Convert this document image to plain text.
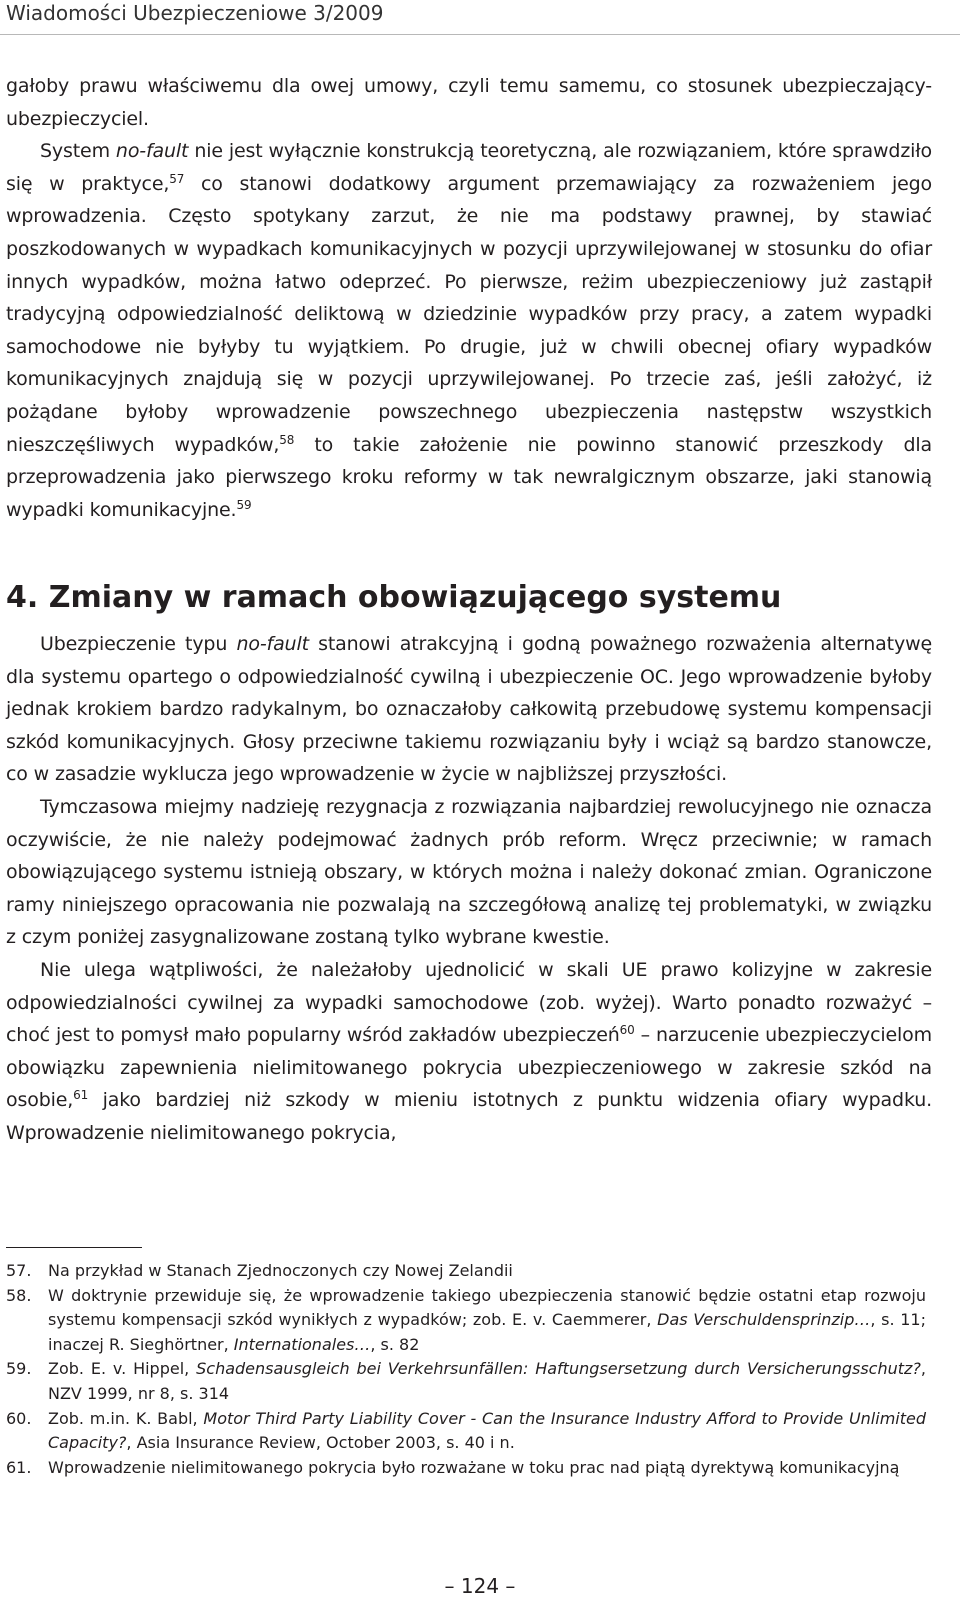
Wiadomości Ubezpieczeniowe 3/2009

gałoby prawu właściwemu dla owej umowy, czyli temu samemu, co stosunek ubezpieczający-ubezpieczyciel.

System no-fault nie jest wyłącznie konstrukcją teoretyczną, ale rozwiązaniem, które sprawdziło się w praktyce,$^{57}$ co stanowi dodatkowy argument przemawiający za rozważeniem jego wprowadzenia. Często spotykany zarzut, że nie ma podstawy prawnej, by stawiać poszkodowanych w wypadkach komunikacyjnych w pozycji uprzywilejowanej w stosunku do ofiar innych wypadków, można łatwo odeprzeć. Po pierwsze, reżim ubezpieczeniowy już zastąpił tradycyjną odpowiedzialność deliktową w dziedzinie wypadków przy pracy, a zatem wypadki samochodowe nie byłyby tu wyjątkiem. Po drugie, już w chwili obecnej ofiary wypadków komunikacyjnych znajdują się w pozycji uprzywilejowanej. Po trzecie zaś, jeśli założyć, iż pożądane byłoby wprowadzenie powszechnego ubezpieczenia następstw wszystkich nieszczęśliwych wypadków,$^{58}$ to takie założenie nie powinno stanowić przeszkody dla przeprowadzenia jako pierwszego kroku reformy w tak newralgicznym obszarze, jaki stanowią wypadki komunikacyjne.$^{59}$

4. Zmiany w ramach obowiązującego systemu

Ubezpieczenie typu no-fault stanowi atrakcyjną i godną poważnego rozważenia alternatywę dla systemu opartego o odpowiedzialność cywilną i ubezpieczenie OC. Jego wprowadzenie byłoby jednak krokiem bardzo radykalnym, bo oznaczałoby całkowitą przebudowę systemu kompensacji szkód komunikacyjnych. Głosy przeciwne takiemu rozwiązaniu były i wciąż są bardzo stanowcze, co w zasadzie wyklucza jego wprowadzenie w życie w najbliższej przyszłości.

Tymczasowa miejmy nadzieję rezygnacja z rozwiązania najbardziej rewolucyjnego nie oznacza oczywiście, że nie należy podejmować żadnych prób reform. Wręcz przeciwnie; w ramach obowiązującego systemu istnieją obszary, w których można i należy dokonać zmian. Ograniczone ramy niniejszego opracowania nie pozwalają na szczegółową analizę tej problematyki, w związku z czym poniżej zasygnalizowane zostaną tylko wybrane kwestie.

Nie ulega wątpliwości, że należałoby ujednolicić w skali UE prawo kolizyjne w zakresie odpowiedzialności cywilnej za wypadki samochodowe (zob. wyżej). Warto ponadto rozważyć – choć jest to pomysł mało popularny wśród zakładów ubezpieczeń$^{60}$ – narzucenie ubezpieczycielom obowiązku zapewnienia nielimitowanego pokrycia ubezpieczeniowego w zakresie szkód na osobie,$^{61}$ jako bardziej niż szkody w mieniu istotnych z punktu widzenia ofiary wypadku. Wprowadzenie nielimitowanego pokrycia,

57.	Na przykład w Stanach Zjednoczonych czy Nowej Zelandii
58.	W doktrynie przewiduje się, że wprowadzenie takiego ubezpieczenia stanowić będzie ostatni etap rozwoju systemu kompensacji szkód wynikłych z wypadków; zob. E. v. Caemmerer, Das Verschuldensprinzip…, s. 11; inaczej R. Sieghörtner, Internationales…, s. 82
59.	Zob. E. v. Hippel, Schadensausgleich bei Verkehrsunfällen: Haftungsersetzung durch Versicherungsschutz?, NZV 1999, nr 8, s. 314
60.	Zob. m.in. K. Babl, Motor Third Party Liability Cover - Can the Insurance Industry Afford to Provide Unlimited Capacity?, Asia Insurance Review, October 2003, s. 40 i n.
61.	Wprowadzenie nielimitowanego pokrycia było rozważane w toku prac nad piątą dyrektywą komunikacyjną
– 124 –
